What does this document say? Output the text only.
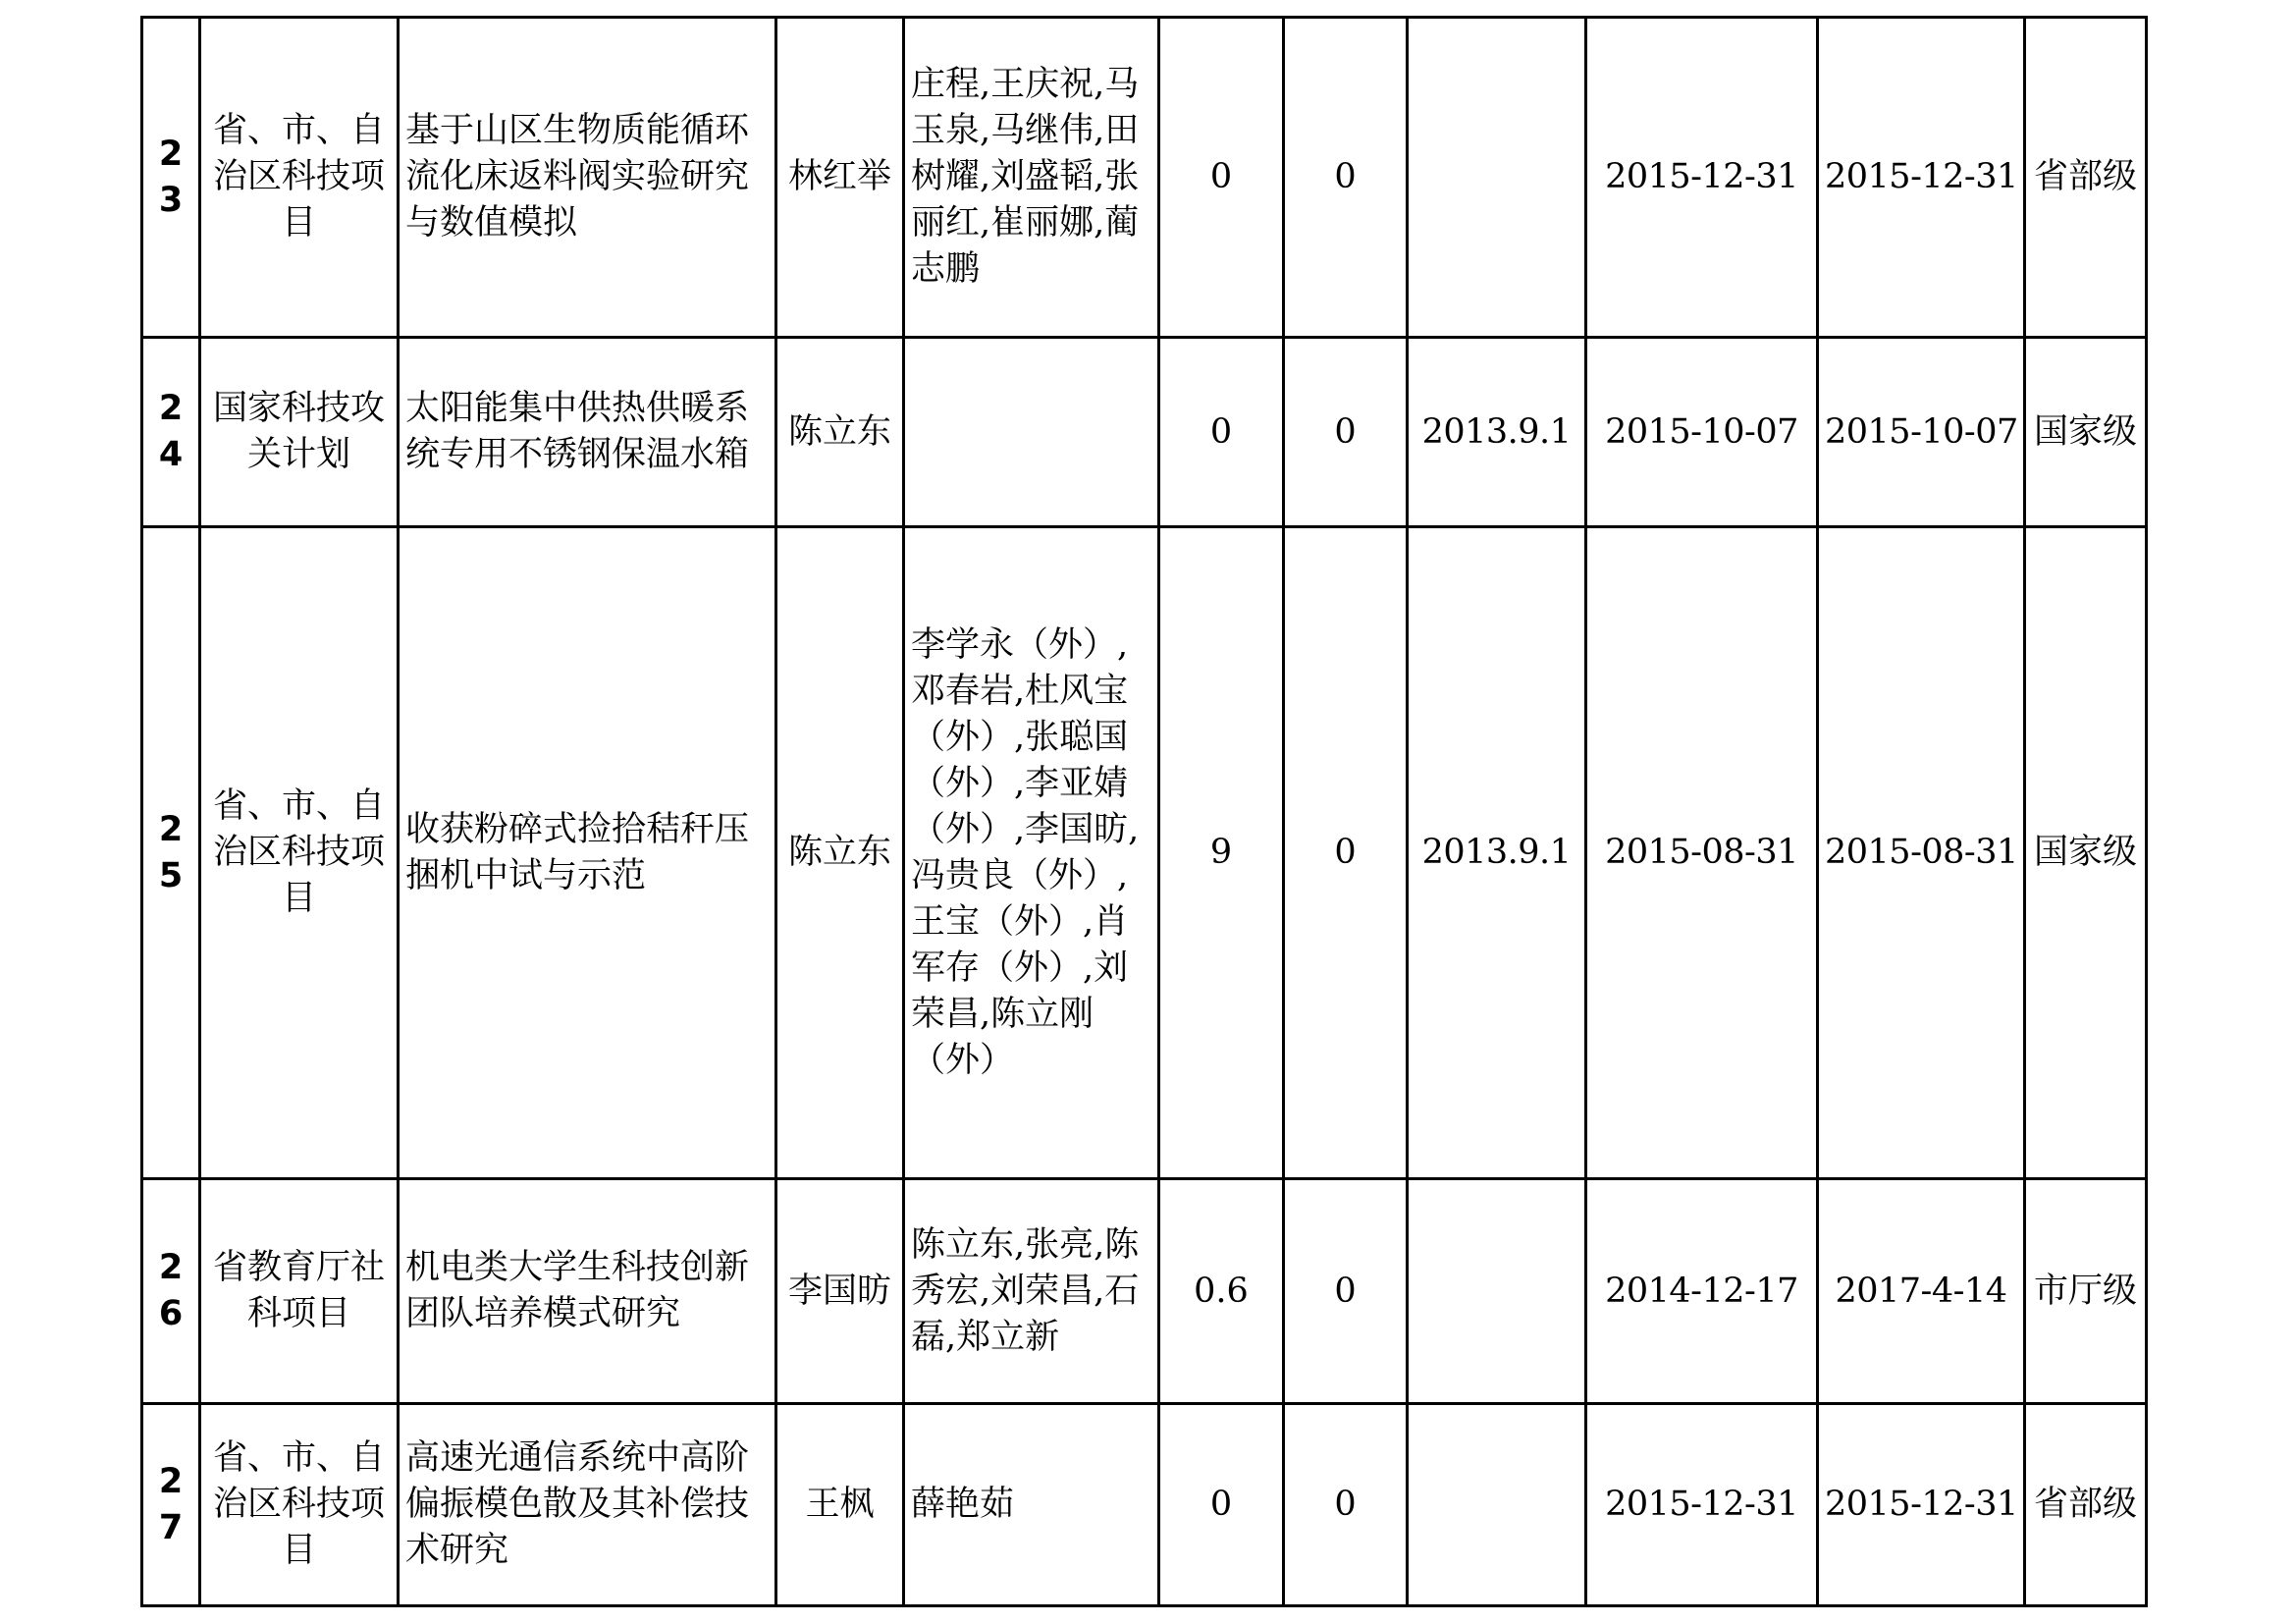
23	省、市、自治区科技项目	基于山区生物质能循环流化床返料阀实验研究与数值模拟	林红举	庄程,王庆祝,马玉泉,马继伟,田树耀,刘盛韬,张丽红,崔丽娜,蔺志鹏	0	0		2015-12-31	2015-12-31	省部级
24	国家科技攻关计划	太阳能集中供热供暖系统专用不锈钢保温水箱	陈立东		0	0	2013.9.1	2015-10-07	2015-10-07	国家级
25	省、市、自治区科技项目	收获粉碎式捡拾秸秆压捆机中试与示范	陈立东	李学永（外）,邓春岩,杜风宝（外）,张聪国（外）,李亚婧（外）,李国昉,冯贵良（外）,王宝（外）,肖军存（外）,刘荣昌,陈立刚（外）	9	0	2013.9.1	2015-08-31	2015-08-31	国家级
26	省教育厅社科项目	机电类大学生科技创新团队培养模式研究	李国昉	陈立东,张亮,陈秀宏,刘荣昌,石磊,郑立新	0.6	0		2014-12-17	2017-4-14	市厅级
27	省、市、自治区科技项目	高速光通信系统中高阶偏振模色散及其补偿技术研究	王枫	薛艳茹	0	0		2015-12-31	2015-12-31	省部级
